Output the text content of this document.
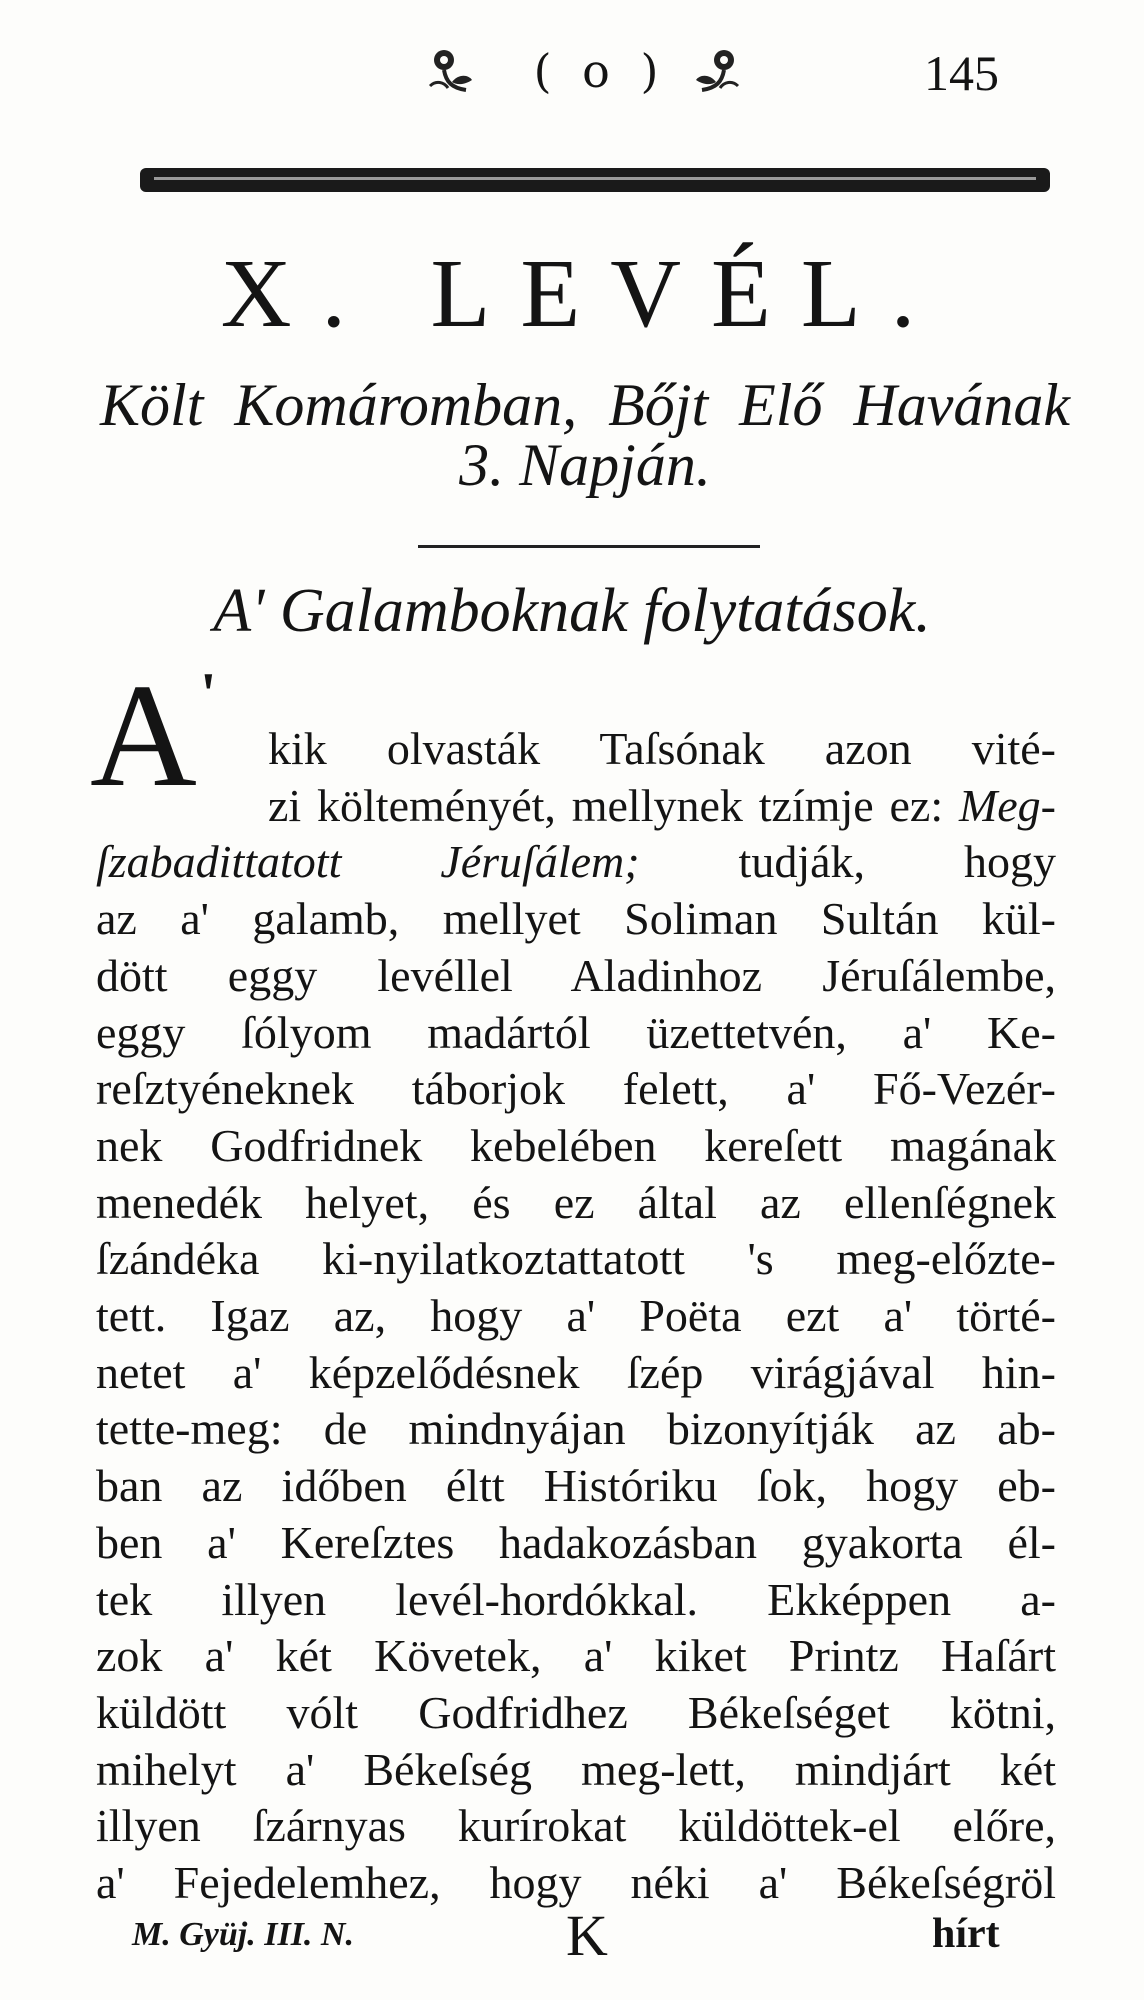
( o )	145
X. LEVÉL.
Költ Komáromban, Bőjt Elő Havának
3. Napján.
A' Galamboknak folytatások.
A '
kik olvasták Taſsónak azon vité-
zi költeményét, mellynek tzímje ez: Meg-
ſzabadittatott Jéruſálem; tudják, hogy
az a' galamb, mellyet Soliman Sultán kül-
dött eggy levéllel Aladinhoz Jéruſálembe,
eggy ſólyom madártól üzettetvén, a' Ke-
reſztyéneknek táborjok felett, a' Fő-Vezér-
nek Godfridnek kebelében kereſett magának
menedék helyet, és ez által az ellenſégnek
ſzándéka ki-nyilatkoztattatott 's meg-előzte-
tett. Igaz az, hogy a' Poëta ezt a' törté-
netet a' képzelődésnek ſzép virágjával hin-
tette-meg: de mindnyájan bizonyítják az ab-
ban az időben éltt Históriku ſok, hogy eb-
ben a' Kereſztes hadakozásban gyakorta él-
tek illyen levél-hordókkal. Ekképpen a-
zok a' két Követek, a' kiket Printz Haſárt
küldött vólt Godfridhez Békeſséget kötni,
mihelyt a' Békeſség meg-lett, mindjárt két
illyen ſzárnyas kurírokat küldöttek-el előre,
a' Fejedelemhez, hogy néki a' Békeſségröl
M. Gyüj. III. N.	K	hírt
